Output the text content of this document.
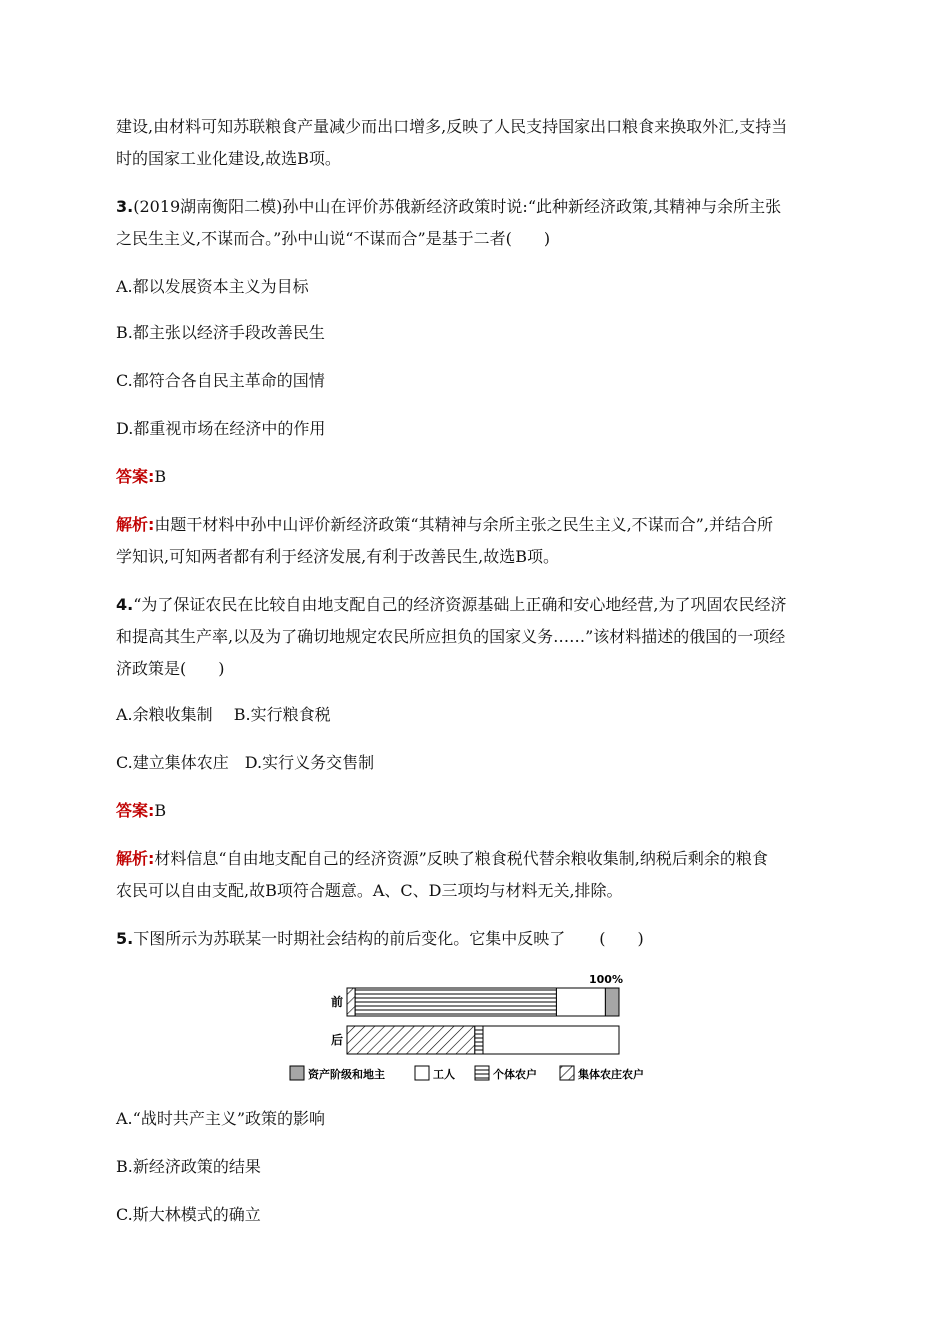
建设,由材料可知苏联粮食产量减少而出口增多,反映了人民支持国家出口粮食来换取外汇,支持当
时的国家工业化建设,故选B项。
3.(2019湖南衡阳二模)孙中山在评价苏俄新经济政策时说:“此种新经济政策,其精神与余所主张
之民生主义,不谋而合。”孙中山说“不谋而合”是基于二者(　　)
A.都以发展资本主义为目标
B.都主张以经济手段改善民生
C.都符合各自民主革命的国情
D.都重视市场在经济中的作用
答案:B
解析:由题干材料中孙中山评价新经济政策“其精神与余所主张之民生主义,不谋而合”,并结合所
学知识,可知两者都有利于经济发展,有利于改善民生,故选B项。
4.“为了保证农民在比较自由地支配自己的经济资源基础上正确和安心地经营,为了巩固农民经济
和提高其生产率,以及为了确切地规定农民所应担负的国家义务……”该材料描述的俄国的一项经
济政策是(　　)
A.余粮收集制　 B.实行粮食税
C.建立集体农庄　D.实行义务交售制
答案:B
解析:材料信息“自由地支配自己的经济资源”反映了粮食税代替余粮收集制,纳税后剩余的粮食
农民可以自由支配,故B项符合题意。A、C、D三项均与材料无关,排除。
5.下图所示为苏联某一时期社会结构的前后变化。它集中反映了 (　　)
100%
前
后
资产阶级和地主	工人	个体农户	集体农庄农户
A.“战时共产主义”政策的影响
B.新经济政策的结果
C.斯大林模式的确立
